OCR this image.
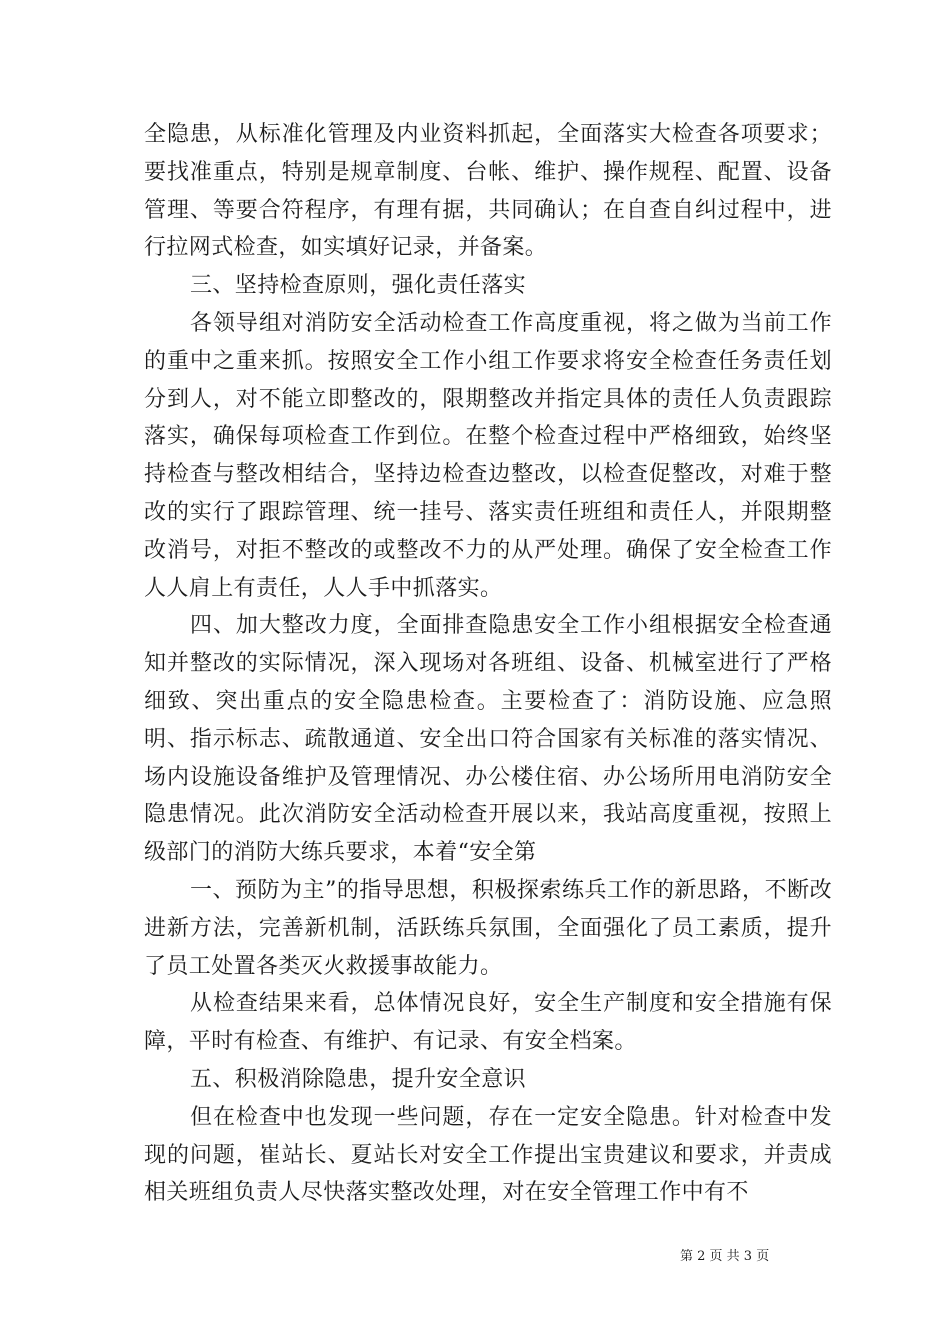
全隐患，从标准化管理及内业资料抓起，全面落实大检查各项要求；要找准重点，特别是规章制度、台帐、维护、操作规程、配置、设备管理、等要合符程序，有理有据，共同确认；在自查自纠过程中，进行拉网式检查，如实填好记录，并备案。

三、坚持检查原则，强化责任落实

各领导组对消防安全活动检查工作高度重视，将之做为当前工作的重中之重来抓。按照安全工作小组工作要求将安全检查任务责任划分到人，对不能立即整改的，限期整改并指定具体的责任人负责跟踪落实，确保每项检查工作到位。在整个检查过程中严格细致，始终坚持检查与整改相结合，坚持边检查边整改，以检查促整改，对难于整改的实行了跟踪管理、统一挂号、落实责任班组和责任人，并限期整改消号，对拒不整改的或整改不力的从严处理。确保了安全检查工作人人肩上有责任，人人手中抓落实。

四、加大整改力度，全面排查隐患安全工作小组根据安全检查通知并整改的实际情况，深入现场对各班组、设备、机械室进行了严格细致、突出重点的安全隐患检查。主要检查了：消防设施、应急照明、指示标志、疏散通道、安全出口符合国家有关标准的落实情况、场内设施设备维护及管理情况、办公楼住宿、办公场所用电消防安全隐患情况。此次消防安全活动检查开展以来，我站高度重视，按照上级部门的消防大练兵要求，本着“安全第

一、预防为主”的指导思想，积极探索练兵工作的新思路，不断改进新方法，完善新机制，活跃练兵氛围，全面强化了员工素质，提升了员工处置各类灭火救援事故能力。

从检查结果来看，总体情况良好，安全生产制度和安全措施有保障，平时有检查、有维护、有记录、有安全档案。

五、积极消除隐患，提升安全意识

但在检查中也发现一些问题，存在一定安全隐患。针对检查中发现的问题，崔站长、夏站长对安全工作提出宝贵建议和要求，并责成相关班组负责人尽快落实整改处理，对在安全管理工作中有不

第 2 页 共 3 页
